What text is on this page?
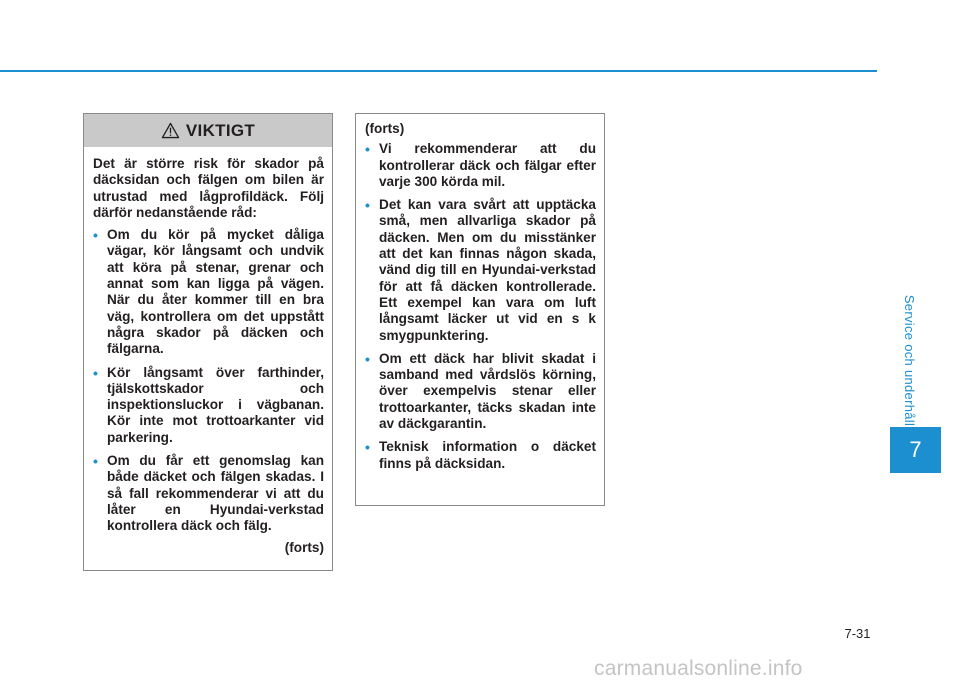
Service och underhåll
7
VIKTIGT

Det är större risk för skador på däcksidan och fälgen om bilen är utrustad med lågprofildäck. Följ därför nedanstående råd:

• Om du kör på mycket dåliga vägar, kör långsamt och undvik att köra på stenar, grenar och annat som kan ligga på vägen. När du åter kommer till en bra väg, kontrollera om det uppstått några skador på däcken och fälgarna.
• Kör långsamt över farthinder, tjälskottskador och inspektionsluckor i vägbanan. Kör inte mot trottoarkanter vid parkering.
• Om du får ett genomslag kan både däcket och fälgen skadas. I så fall rekommenderar vi att du låter en Hyundai-verkstad kontrollera däck och fälg.
(forts)

(forts)

• Vi rekommenderar att du kontrollerar däck och fälgar efter varje 300 körda mil.
• Det kan vara svårt att upptäcka små, men allvarliga skador på däcken. Men om du misstänker att det kan finnas någon skada, vänd dig till en Hyundai-verkstad för att få däcken kontrollerade. Ett exempel kan vara om luft långsamt läcker ut vid en s k smygpunktering.
• Om ett däck har blivit skadat i samband med vårdslös körning, över exempelvis stenar eller trottoarkanter, täcks skadan inte av däckgarantin.
• Teknisk information o däcket finns på däcksidan.
7-31
carmanualsonline.info
